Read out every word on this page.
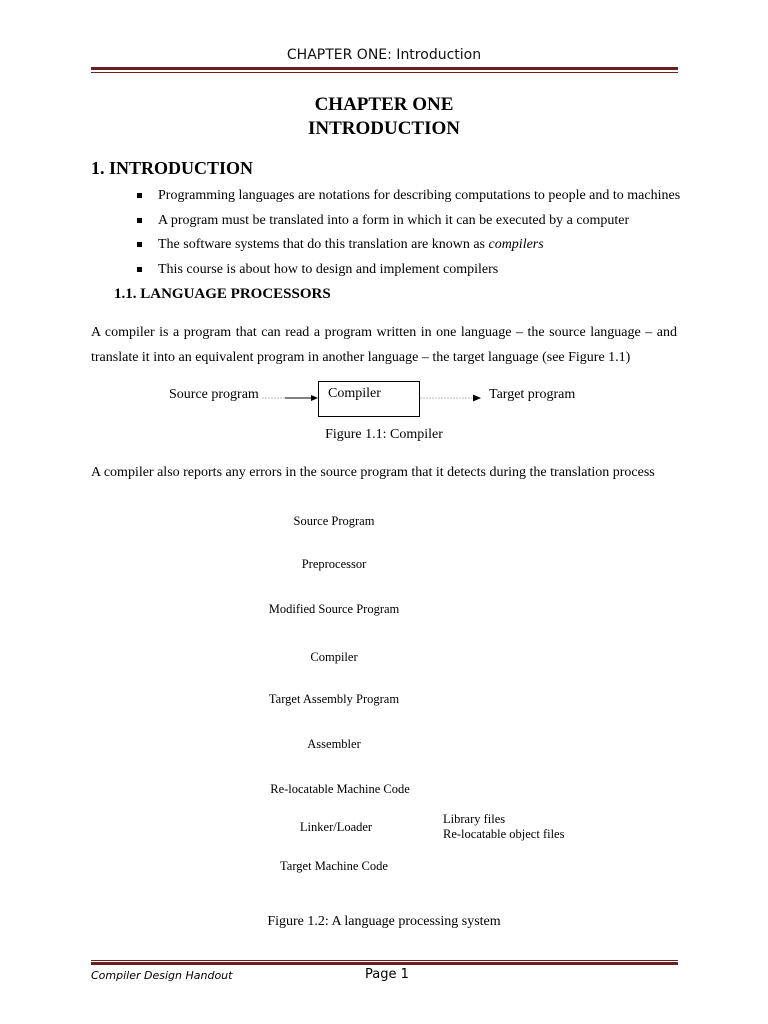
CHAPTER ONE: Introduction
CHAPTER ONE
INTRODUCTION
1. INTRODUCTION
Programming languages are notations for describing computations to people and to machines
A program must be translated into a form in which it can be executed by a computer
The software systems that do this translation are known as compilers
This course is about how to design and implement compilers
1.1. LANGUAGE PROCESSORS
A compiler is a program that can read a program written in one language – the source language – and translate it into an equivalent program in another language – the target language (see Figure 1.1)
Source program	Compiler	Target program
Figure 1.1: Compiler
A compiler also reports any errors in the source program that it detects during the translation process
Source Program
Preprocessor
Modified Source Program
Compiler
Target Assembly Program
Assembler
Re-locatable Machine Code
Linker/Loader
Target Machine Code
Library files
Re-locatable object files
Figure 1.2: A language processing system
Compiler Design Handout	Page 1
